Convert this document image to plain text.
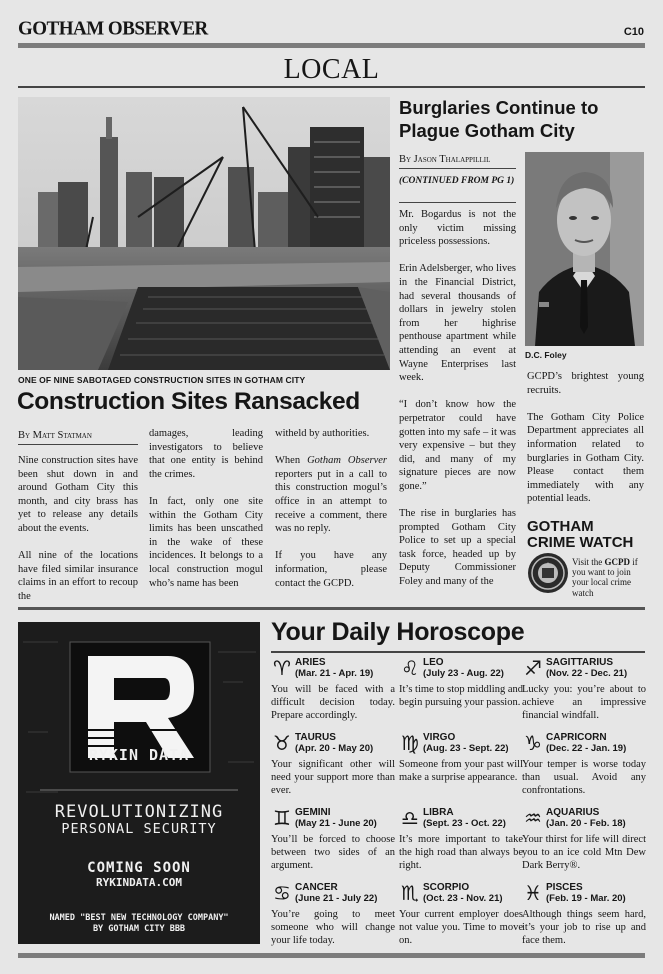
GOTHAM OBSERVER	C10
LOCAL
ONE OF NINE SABOTAGED CONSTRUCTION SITES IN GOTHAM CITY
Construction Sites Ransacked
By Matt Statman

Nine construction sites have been shut down in and around Gotham City this month, and city brass has yet to release any details about the events.

All nine of the locations have filed similar insurance claims in an effort to recoup the

damages, leading investigators to believe that one entity is behind the crimes.

In fact, only one site within the Gotham City limits has been unscathed in the wake of these incidences. It belongs to a local construction mogul who’s name has been

witheld by authorities.

When Gotham Observer reporters put in a call to this construction mogul’s office in an attempt to receive a comment, there was no reply.

If you have any information, please contact the GCPD.

Burglaries Continue to Plague Gotham City
By Jason Thalappillil
(CONTINUED FROM PG 1)

Mr. Bogardus is not the only victim missing priceless possessions.

Erin Adelsberger, who lives in the Financial District, had several thousands of dollars in jewelry stolen from her highrise penthouse apartment while attending an event at Wayne Enterprises last week.

“I don’t know how the perpetrator could have gotten into my safe – it was very expensive – but they did, and many of my signature pieces are now gone.”

The rise in burglaries has prompted Gotham City Police to set up a special task force, headed up by Deputy Commissioner Foley and many of the

D.C. Foley

GCPD’s brightest young recruits.

The Gotham City Police Department appreciates all information related to burglaries in Gotham City. Please contact them immediately with any potential leads.

GOTHAM
CRIME WATCH
Visit the GCPD if you want to join your local crime watch
RYKIN DATA
REVOLUTIONIZING
PERSONAL SECURITY
COMING SOON
RYKINDATA.COM
NAMED "BEST NEW TECHNOLOGY COMPANY"
BY GOTHAM CITY BBB
Your Daily Horoscope
♈︎ ARIES
(Mar. 21 - Apr. 19)
You will be faced with a difficult decision today. Prepare accordingly.
♉︎ TAURUS
(Apr. 20 - May 20)
Your significant other will need your support more than ever.
♊︎ GEMINI
(May 21 - June 20)
You’ll be forced to choose between two sides of an argument.
♋︎ CANCER
(June 21 - July 22)
You’re going to meet someone who will change your life today.
♌︎ LEO
(July 23 - Aug. 22)
It’s time to stop middling and begin pursuing your passion.
♍︎ VIRGO
(Aug. 23 - Sept. 22)
Someone from your past will make a surprise appearance.
♎︎ LIBRA
(Sept. 23 - Oct. 22)
It’s more important to take the high road than always be right.
♏︎ SCORPIO
(Oct. 23 - Nov. 21)
Your current employer does not value you. Time to move on.
♐︎ SAGITTARIUS
(Nov. 22 - Dec. 21)
Lucky you: you’re about to achieve an impressive financial windfall.
♑︎ CAPRICORN
(Dec. 22 - Jan. 19)
Your temper is worse today than usual. Avoid any confrontations.
♒︎ AQUARIUS
(Jan. 20 - Feb. 18)
Your thirst for life will direct you to an ice cold Mtn Dew Dark Berry®.
♓︎ PISCES
(Feb. 19 - Mar. 20)
Although things seem hard, it’s your job to rise up and face them.
